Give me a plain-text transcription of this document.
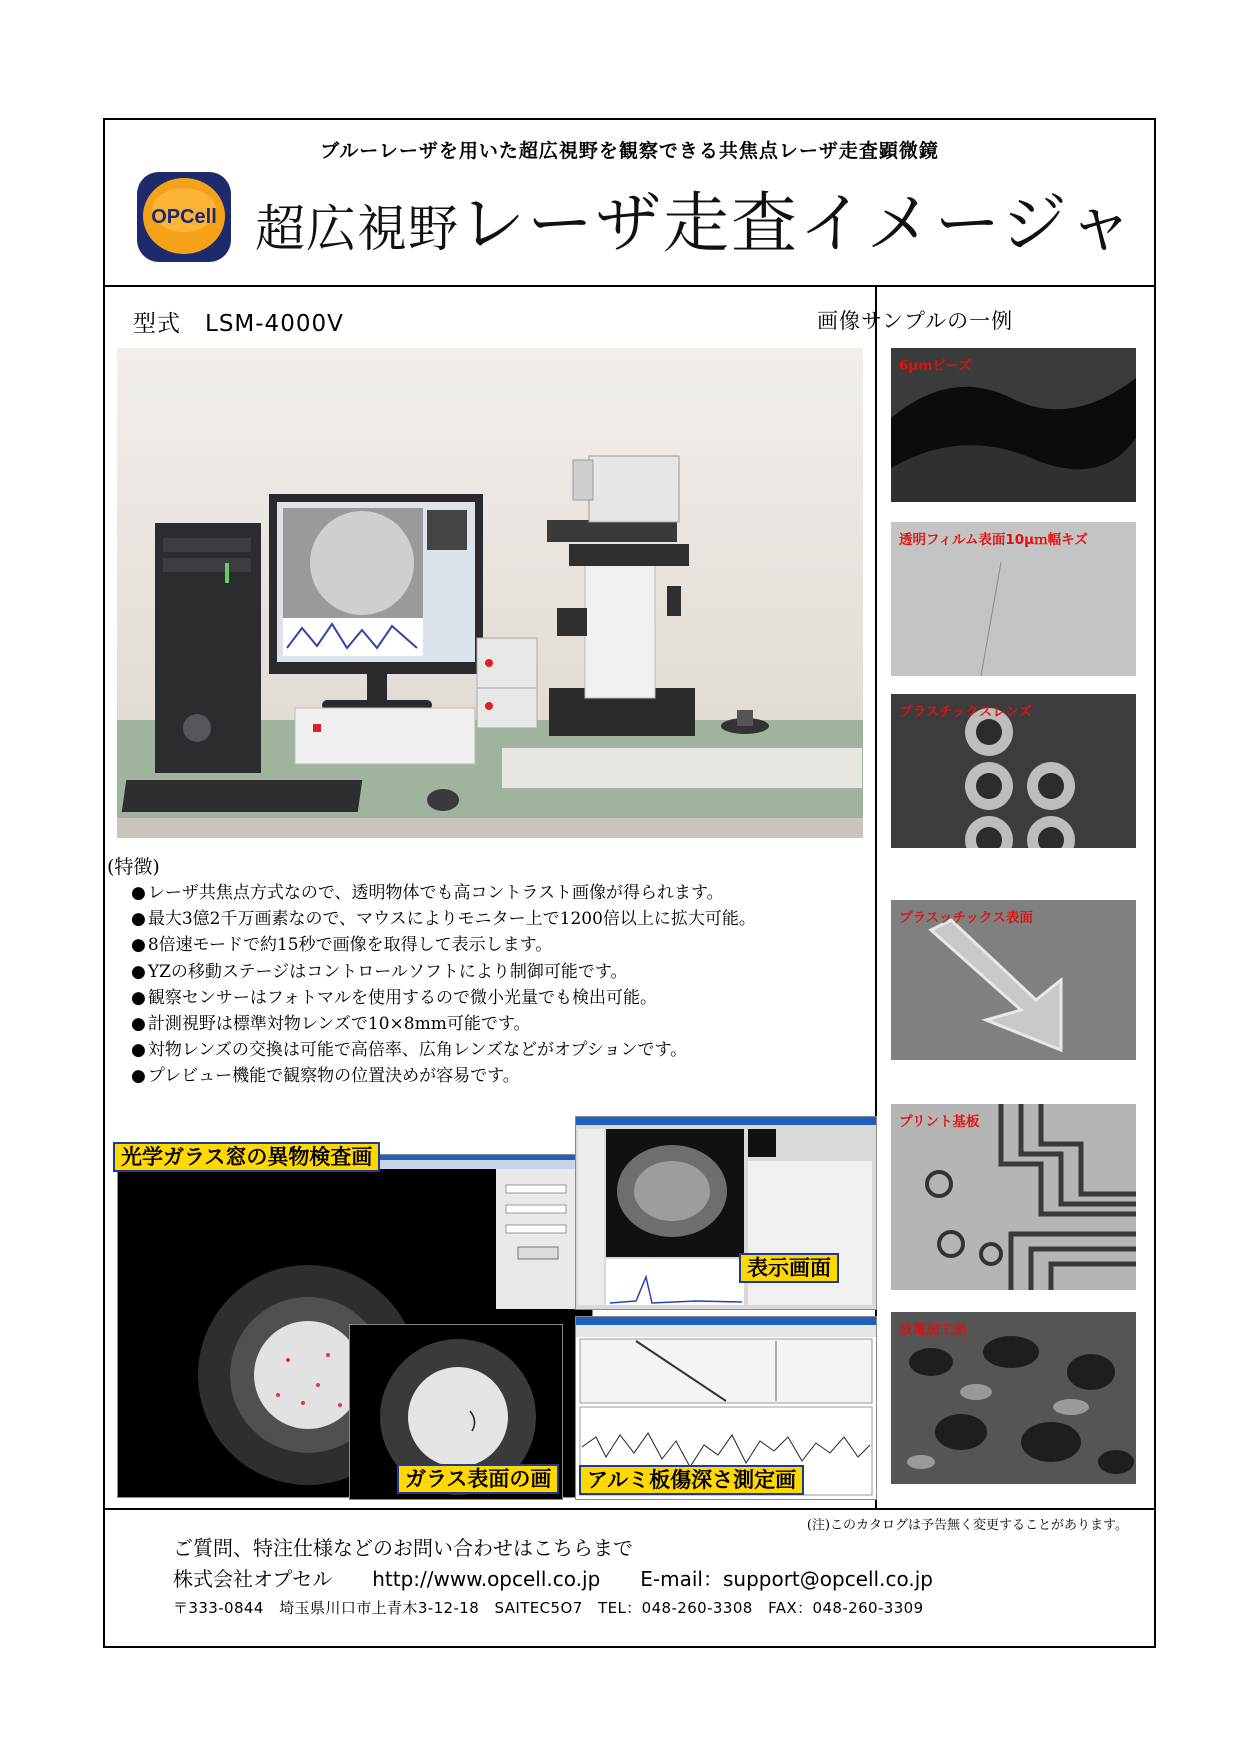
ブルーレーザを用いた超広視野を観察できる共焦点レーザ走査顕微鏡
OPCell 超広視野レーザ走査イメージャ
型式　LSM-4000V
(特徴)
● レーザ共焦点方式なので、透明物体でも高コントラスト画像が得られます。
● 最大3億2千万画素なので、マウスによりモニター上で1200倍以上に拡大可能。
● 8倍速モードで約15秒で画像を取得して表示します。
● YZの移動ステージはコントロールソフトにより制御可能です。
● 観察センサーはフォトマルを使用するので微小光量でも検出可能。
● 計測視野は標準対物レンズで10×8mm可能です。
● 対物レンズの交換は可能で高倍率、広角レンズなどがオプションです。
● プレビュー機能で観察物の位置決めが容易です。
光学ガラス窓の異物検査画
ガラス表面の画
表示画面
アルミ板傷深さ測定画
画像サンプルの一例
6μmビーズ
透明フィルム表面10μｍ幅キズ
プラスチックスレンズ
プラスッチックス表面
プリント基板
放電加工面
(注)このカタログは予告無く変更することがあります。
ご質問、特注仕様などのお問い合わせはこちらまで
株式会社オプセル http://www.opcell.co.jp E-mail：support@opcell.co.jp
〒333-0844　埼玉県川口市上青木3-12-18　SAITEC5O7　TEL：048-260-3308　FAX：048-260-3309
